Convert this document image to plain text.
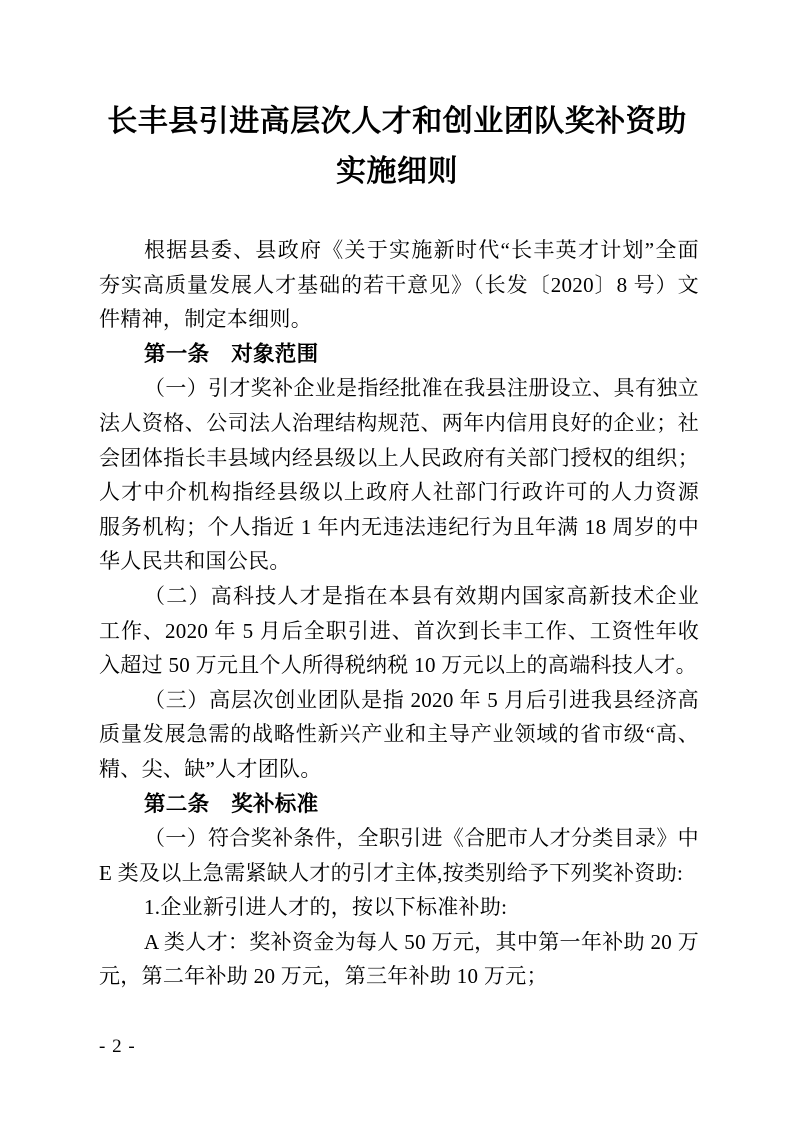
长丰县引进高层次人才和创业团队奖补资助
实施细则
根据县委、县政府《关于实施新时代“长丰英才计划”全面
夯实高质量发展人才基础的若干意见》（长发〔2020〕8 号）文
件精神，制定本细则。
第一条　对象范围
（一）引才奖补企业是指经批准在我县注册设立、具有独立
法人资格、公司法人治理结构规范、两年内信用良好的企业；社
会团体指长丰县域内经县级以上人民政府有关部门授权的组织；
人才中介机构指经县级以上政府人社部门行政许可的人力资源
服务机构；个人指近 1 年内无违法违纪行为且年满 18 周岁的中
华人民共和国公民。
（二）高科技人才是指在本县有效期内国家高新技术企业
工作、2020 年 5 月后全职引进、首次到长丰工作、工资性年收
入超过 50 万元且个人所得税纳税 10 万元以上的高端科技人才。
（三）高层次创业团队是指 2020 年 5 月后引进我县经济高
质量发展急需的战略性新兴产业和主导产业领域的省市级“高、
精、尖、缺”人才团队。
第二条　奖补标准
（一）符合奖补条件，全职引进《合肥市人才分类目录》中
E 类及以上急需紧缺人才的引才主体,按类别给予下列奖补资助:
1.企业新引进人才的，按以下标准补助:
A 类人才：奖补资金为每人 50 万元，其中第一年补助 20 万
元，第二年补助 20 万元，第三年补助 10 万元；
- 2 -
